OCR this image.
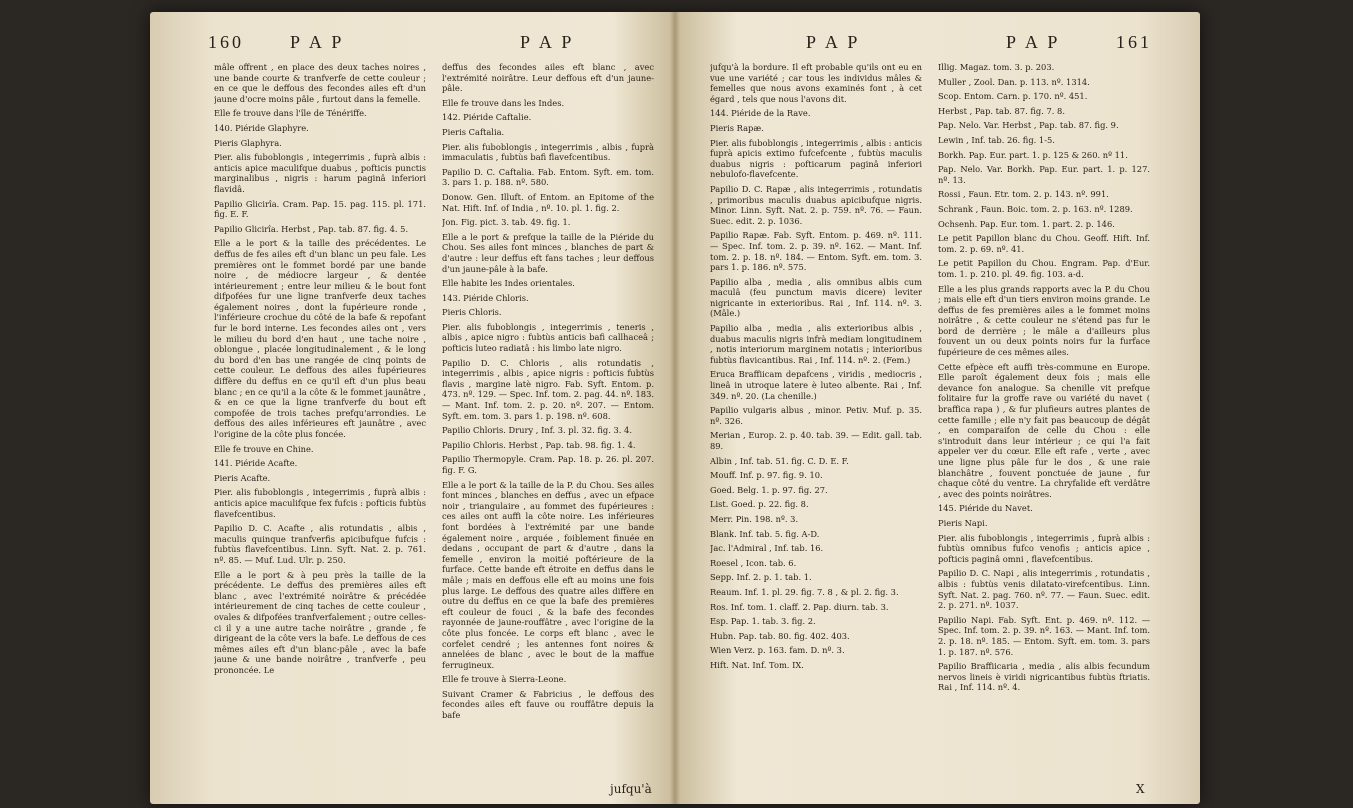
160	P A P	P A P

mâle offrent , en place des deux taches noires , une bande courte & tranfverfe de cette couleur ; en ce que le deffous des fecondes ailes eft d'un jaune d'ocre moins pâle , furtout dans la femelle.

Elle fe trouve dans l'île de Ténériffe.

140. Piéride Glaphyre.

Pieris Glaphyra.

Pier. alis fuboblongis , integerrimis , fuprà albis : anticis apice maculifque duabus , pofticis punctis marginalibus , nigris : harum paginâ inferiori flavidâ.

Papilio Glicirîa. Cram. Pap. 15. pag. 115. pl. 171. fig. E. F.

Papilio Glicirîa. Herbst , Pap. tab. 87. fig. 4. 5.

Elle a le port & la taille des précédentes. Le deffus de fes ailes eft d'un blanc un peu fale. Les premières ont le fommet bordé par une bande noire , de médiocre largeur , & dentée intérieurement ; entre leur milieu & le bout font difpofées fur une ligne tranfverfe deux taches également noires , dont la fupérieure ronde , l'inférieure crochue du côté de la bafe & repofant fur le bord interne. Les fecondes ailes ont , vers le milieu du bord d'en haut , une tache noire , oblongue , placée longitudinalement , & le long du bord d'en bas une rangée de cinq points de cette couleur. Le deffous des ailes fupérieures diffère du deffus en ce qu'il eft d'un plus beau blanc ; en ce qu'il a la côte & le fommet jaunâtre , & en ce que la ligne tranfverfe du bout eft compofée de trois taches prefqu'arrondies. Le deffous des ailes inférieures eft jaunâtre , avec l'origine de la côte plus foncée.

Elle fe trouve en Chine.

141. Piéride Acafte.

Pieris Acafte.

Pier. alis fuboblongis , integerrimis , fuprà albis : anticis apice maculifque fex fufcis : pofticis fubtùs flavefcentibus.

Papilio D. C. Acafte , alis rotundatis , albis , maculis quinque tranfverfis apicibufque fufcis : fubtùs flavefcentibus. Linn. Syft. Nat. 2. p. 761. nº. 85. — Muf. Lud. Ulr. p. 250.

Elle a le port & à peu près la taille de la précédente. Le deffus des premières ailes eft blanc , avec l'extrémité noirâtre & précédée intérieurement de cinq taches de cette couleur , ovales & difpofées tranfverfalement ; outre celles-ci il y a une autre tache noirâtre , grande , fe dirigeant de la côte vers la bafe. Le deffous de ces mêmes ailes eft d'un blanc-pâle , avec la bafe jaune & une bande noirâtre , tranfverfe , peu prononcée. Le

deffus des fecondes ailes eft blanc , avec l'extrémité noirâtre. Leur deffous eft d'un jaune-pâle.

Elle fe trouve dans les Indes.

142. Piéride Caftalie.

Pieris Caftalia.

Pier. alis fuboblongis , integerrimis , albis , fuprà immaculatis , fubtùs bafi flavefcentibus.

Papilio D. C. Caftalia. Fab. Entom. Syft. em. tom. 3. pars 1. p. 188. nº. 580.

Donow. Gen. Illuft. of Entom. an Epitome of the Nat. Hift. Inf. of India , nº. 10. pl. 1. fig. 2.

Jon. Fig. pict. 3. tab. 49. fig. 1.

Elle a le port & prefque la taille de la Piéride du Chou. Ses ailes font minces , blanches de part & d'autre : leur deffus eft fans taches ; leur deffous d'un jaune-pâle à la bafe.

Elle habite les Indes orientales.

143. Piéride Chloris.

Pieris Chloris.

Pier. alis fuboblongis , integerrimis , teneris , albis , apice nigro : fubtùs anticis bafi callhaceâ ; pofticis luteo radiatâ : his limbo late nigro.

Papilio D. C. Chloris , alis rotundatis , integerrimis , albis , apice nigris : pofticis fubtùs flavis , margine latè nigro. Fab. Syft. Entom. p. 473. nº. 129. — Spec. Inf. tom. 2. pag. 44. nº. 183. — Mant. Inf. tom. 2. p. 20. nº. 207. — Entom. Syft. em. tom. 3. pars 1. p. 198. nº. 608.

Papilio Chloris. Drury , Inf. 3. pl. 32. fig. 3. 4.

Papilio Chloris. Herbst , Pap. tab. 98. fig. 1. 4.

Papilio Thermopyle. Cram. Pap. 18. p. 26. pl. 207. fig. F. G.

Elle a le port & la taille de la P. du Chou. Ses ailes font minces , blanches en deffus , avec un efpace noir , triangulaire , au fommet des fupérieures : ces ailes ont auffi la côte noire. Les inférieures font bordées à l'extrémité par une bande également noire , arquée , foiblement finuée en dedans , occupant de part & d'autre , dans la femelle , environ la moitié poftérieure de la furface. Cette bande eft étroite en deffus dans le mâle ; mais en deffous elle eft au moins une fois plus large. Le deffous des quatre ailes diffère en outre du deffus en ce que la bafe des premières eft couleur de fouci , & la bafe des fecondes rayonnée de jaune-rouffâtre , avec l'origine de la côte plus foncée. Le corps eft blanc , avec le corfelet cendré ; les antennes font noires & annelées de blanc , avec le bout de la maffue ferrugineux.

Elle fe trouve à Sierra-Leone.

Suivant Cramer & Fabricius , le deffous des fecondes ailes eft fauve ou rouffâtre depuis la bafe

jufqu'à
P A P	P A P	161

jufqu'à la bordure. Il eft probable qu'ils ont eu en vue une variété ; car tous les individus mâles & femelles que nous avons examinés font , à cet égard , tels que nous l'avons dit.

144. Piéride de la Rave.

Pieris Rapæ.

Pier. alis fuboblongis , integerrimis , albis : anticis fuprà apicis extimo fufcefcente , fubtùs maculis duabus nigris : pofticarum paginâ inferiori nebulofo-flavefcente.

Papilio D. C. Rapæ , alis integerrimis , rotundatis , primoribus maculis duabus apicibufque nigris. Minor. Linn. Syft. Nat. 2. p. 759. nº. 76. — Faun. Suec. edit. 2. p. 1036.

Papilio Rapæ. Fab. Syft. Entom. p. 469. nº. 111. — Spec. Inf. tom. 2. p. 39. nº. 162. — Mant. Inf. tom. 2. p. 18. nº. 184. — Entom. Syft. em. tom. 3. pars 1. p. 186. nº. 575.

Papilio alba , media , alis omnibus albis cum maculâ (feu punctum mavis dicere) leviter nigricante in exterioribus. Rai , Inf. 114. nº. 3. (Mâle.)

Papilio alba , media , alis exterioribus albis , duabus maculis nigris infrà mediam longitudinem , notis interiorum marginem notatis ; interioribus fubtùs flavicantibus. Rai , Inf. 114. nº. 2. (Fem.)

Eruca Braffiicam depafcens , viridis , mediocris , lineâ in utroque latere è luteo albente. Rai , Inf. 349. nº. 20. (La chenille.)

Papilio vulgaris albus , minor. Petiv. Muf. p. 35. nº. 326.

Merian , Europ. 2. p. 40. tab. 39. — Edit. gall. tab. 89.

Albin , Inf. tab. 51. fig. C. D. E. F.

Mouff. Inf. p. 97. fig. 9. 10.

Goed. Belg. 1. p. 97. fig. 27.

List. Goed. p. 22. fig. 8.

Merr. Pin. 198. nº. 3.

Blank. Inf. tab. 5. fig. A-D.

Jac. l'Admiral , Inf. tab. 16.

Roesel , Icon. tab. 6.

Sepp. Inf. 2. p. 1. tab. 1.

Reaum. Inf. 1. pl. 29. fig. 7. 8 , & pl. 2. fig. 3.

Ros. Inf. tom. 1. claff. 2. Pap. diurn. tab. 3.

Esp. Pap. 1. tab. 3. fig. 2.

Hubn. Pap. tab. 80. fig. 402. 403.

Wien Verz. p. 163. fam. D. nº. 3.

Hift. Nat. Inf. Tom. IX.

Illig. Magaz. tom. 3. p. 203.

Muller , Zool. Dan. p. 113. nº. 1314.

Scop. Entom. Carn. p. 170. nº. 451.

Herbst , Pap. tab. 87. fig. 7. 8.

Pap. Nelo. Var. Herbst , Pap. tab. 87. fig. 9.

Lewin , Inf. tab. 26. fig. 1-5.

Borkh. Pap. Eur. part. 1. p. 125 & 260. nº 11.

Pap. Nelo. Var. Borkh. Pap. Eur. part. 1. p. 127. nº. 13.

Rossi , Faun. Etr. tom. 2. p. 143. nº. 991.

Schrank , Faun. Boic. tom. 2. p. 163. nº. 1289.

Ochsenh. Pap. Eur. tom. 1. part. 2. p. 146.

Le petit Papillon blanc du Chou. Geoff. Hift. Inf. tom. 2. p. 69. nº. 41.

Le petit Papillon du Chou. Engram. Pap. d'Eur. tom. 1. p. 210. pl. 49. fig. 103. a-d.

Elle a les plus grands rapports avec la P. du Chou ; mais elle eft d'un tiers environ moins grande. Le deffus de fes premières ailes a le fommet moins noirâtre , & cette couleur ne s'étend pas fur le bord de derrière ; le mâle a d'ailleurs plus fouvent un ou deux points noirs fur la furface fupérieure de ces mêmes ailes.

Cette efpèce eft auffi très-commune en Europe. Elle paroît également deux fois ; mais elle devance fon analogue. Sa chenille vit prefque folitaire fur la groffe rave ou variété du navet ( braffica rapa ) , & fur plufieurs autres plantes de cette famille ; elle n'y fait pas beaucoup de dégât , en comparaifon de celle du Chou : elle s'introduit dans leur intérieur ; ce qui l'a fait appeler ver du cœur. Elle eft rafe , verte , avec une ligne plus pâle fur le dos , & une raie blanchâtre , fouvent ponctuée de jaune , fur chaque côté du ventre. La chryfalide eft verdâtre , avec des points noirâtres.

145. Piéride du Navet.

Pieris Napi.

Pier. alis fuboblongis , integerrimis , fuprà albis : fubtùs omnibus fufco venofis ; anticis apice , pofticis paginâ omni , flavefcentibus.

Papilio D. C. Napi , alis integerrimis , rotundatis , albis : fubtùs venis dilatato-virefcentibus. Linn. Syft. Nat. 2. pag. 760. nº. 77. — Faun. Suec. edit. 2. p. 271. nº. 1037.

Papilio Napi. Fab. Syft. Ent. p. 469. nº. 112. — Spec. Inf. tom. 2. p. 39. nº. 163. — Mant. Inf. tom. 2. p. 18. nº. 185. — Entom. Syft. em. tom. 3. pars 1. p. 187. nº. 576.

Papilio Braffiicaria , media , alis albis fecundum nervos lineis è viridi nigricantibus fubtùs ftriatis. Rai , Inf. 114. nº. 4.

X
